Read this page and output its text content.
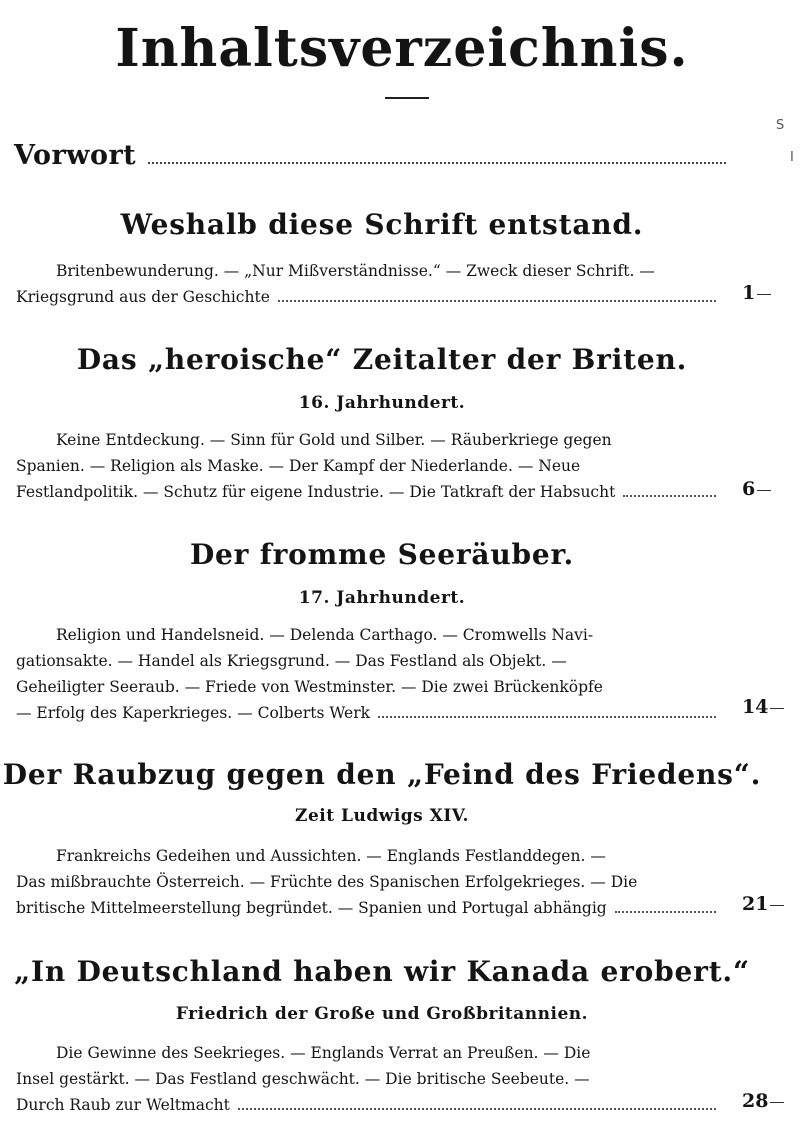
Inhaltsverzeichnis.
S
I
Vorwort
Weshalb diese Schrift entstand.
Britenbewunderung. — „Nur Mißverständnisse.“ — Zweck dieser Schrift. —
Kriegsgrund aus der Geschichte	1
Das „heroische“ Zeitalter der Briten.
16. Jahrhundert.
Keine Entdeckung. — Sinn für Gold und Silber. — Räuberkriege gegen
Spanien. — Religion als Maske. — Der Kampf der Niederlande. — Neue
Festlandpolitik. — Schutz für eigene Industrie. — Die Tatkraft der Habsucht	6
Der fromme Seeräuber.
17. Jahrhundert.
Religion und Handelsneid. — Delenda Carthago. — Cromwells Navi-
gationsakte. — Handel als Kriegsgrund. — Das Festland als Objekt. —
Geheiligter Seeraub. — Friede von Westminster. — Die zwei Brückenköpfe
— Erfolg des Kaperkrieges. — Colberts Werk	14
Der Raubzug gegen den „Feind des Friedens“.
Zeit Ludwigs XIV.
Frankreichs Gedeihen und Aussichten. — Englands Festlanddegen. —
Das mißbrauchte Österreich. — Früchte des Spanischen Erfolgekrieges. — Die
britische Mittelmeerstellung begründet. — Spanien und Portugal abhängig	21
„In Deutschland haben wir Kanada erobert.“
Friedrich der Große und Großbritannien.
Die Gewinne des Seekrieges. — Englands Verrat an Preußen. — Die
Insel gestärkt. — Das Festland geschwächt. — Die britische Seebeute. —
Durch Raub zur Weltmacht	28
